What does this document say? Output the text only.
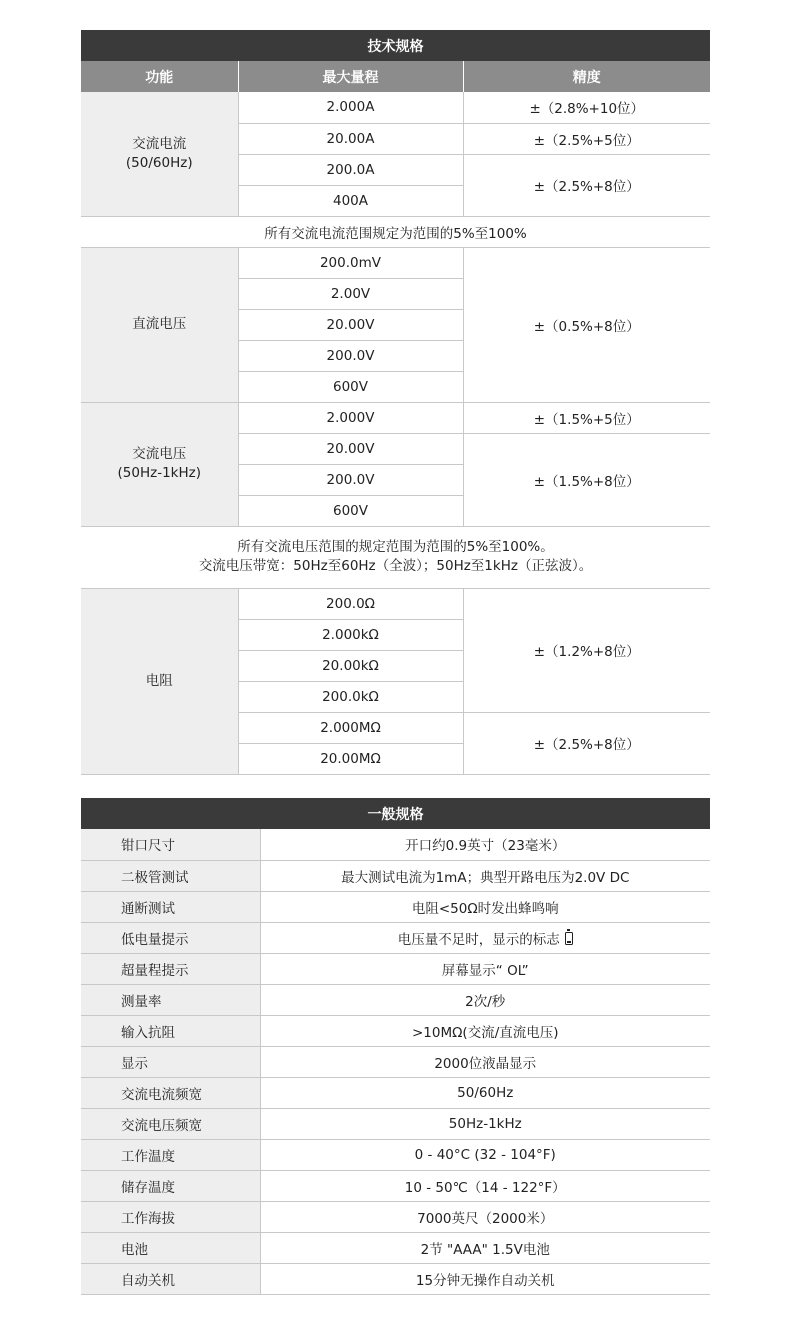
技术规格		
功能	最大量程	精度
交流电流
(50/60Hz)	2.000A	±（2.8%+10位）
	20.00A	±（2.5%+5位）
	200.0A	±（2.5%+8位）
	400A	
所有交流电流范围规定为范围的5%至100%		
直流电压	200.0mV	±（0.5%+8位）
	2.00V	
	20.00V	
	200.0V	
	600V	
交流电压
(50Hz-1kHz)	2.000V	±（1.5%+5位）
	20.00V	±（1.5%+8位）
	200.0V	
	600V	
所有交流电压范围的规定范围为范围的5%至100%。
交流电压带宽：50Hz至60Hz（全波）；50Hz至1kHz（正弦波）。		
电阻	200.0Ω	±（1.2%+8位）
	2.000kΩ	
	20.00kΩ	
	200.0kΩ	
	2.000MΩ	±（2.5%+8位）
	20.00MΩ	
一般规格	
钳口尺寸	开口约0.9英寸（23毫米）
二极管测试	最大测试电流为1mA；典型开路电压为2.0V DC
通断测试	电阻<50Ω时发出蜂鸣响
低电量提示	电压量不足时，显示的标志
超量程提示	屏幕显示“ OL”
测量率	2次/秒
输入抗阻	>10MΩ(交流/直流电压)
显示	2000位液晶显示
交流电流频宽	50/60Hz
交流电压频宽	50Hz-1kHz
工作温度	0 - 40°C (32 - 104°F)
储存温度	10 - 50℃（14 - 122°F）
工作海拔	7000英尺（2000米）
电池	2节 "AAA" 1.5V电池
自动关机	15分钟无操作自动关机
